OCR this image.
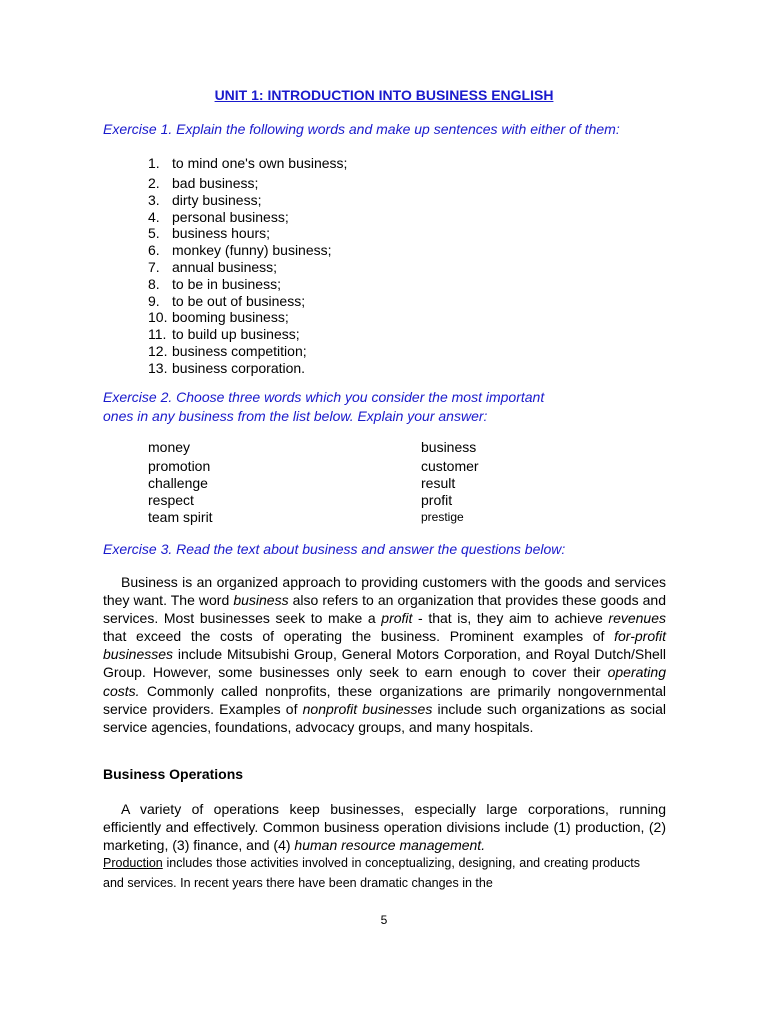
UNIT 1: INTRODUCTION INTO BUSINESS ENGLISH
Exercise 1. Explain the following words and make up sentences with either of them:
1. to mind one's own business;
2. bad business;
3. dirty business;
4. personal business;
5. business hours;
6. monkey (funny) business;
7. annual business;
8. to be in business;
9. to be out of business;
10. booming business;
11. to build up business;
12. business competition;
13. business corporation.
Exercise 2. Choose three words which you consider the most important
ones in any business from the list below. Explain your answer:
money	business
promotion	customer
challenge	result
respect	profit
team spirit	prestige
Exercise 3. Read the text about business and answer the questions below:

Business is an organized approach to providing customers with the goods and services they want. The word business also refers to an organization that provides these goods and services. Most businesses seek to make a profit - that is, they aim to achieve revenues that exceed the costs of operating the business. Prominent examples of for-profit businesses include Mitsubishi Group, General Motors Corporation, and Royal Dutch/Shell Group. However, some businesses only seek to earn enough to cover their operating costs. Commonly called nonprofits, these organizations are primarily nongovernmental service providers. Examples of nonprofit businesses include such organizations as social service agencies, foundations, advocacy groups, and many hospitals.

Business Operations

A variety of operations keep businesses, especially large corporations, running efficiently and effectively. Common business operation divisions include (1) production, (2) marketing, (3) finance, and (4) human resource management.

Production includes those activities involved in conceptualizing, designing, and creating products and services. In recent years there have been dramatic changes in the

5
